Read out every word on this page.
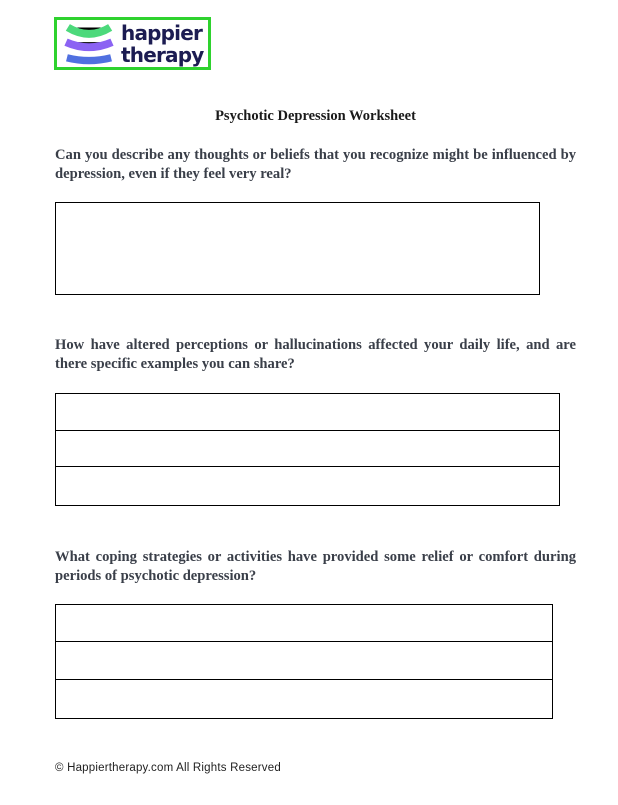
happier
therapy
Psychotic Depression Worksheet

Can you describe any thoughts or beliefs that you recognize might be influenced by depression, even if they feel very real?

How have altered perceptions or hallucinations affected your daily life, and are there specific examples you can share?

What coping strategies or activities have provided some relief or comfort during periods of psychotic depression?

© Happiertherapy.com All Rights Reserved
